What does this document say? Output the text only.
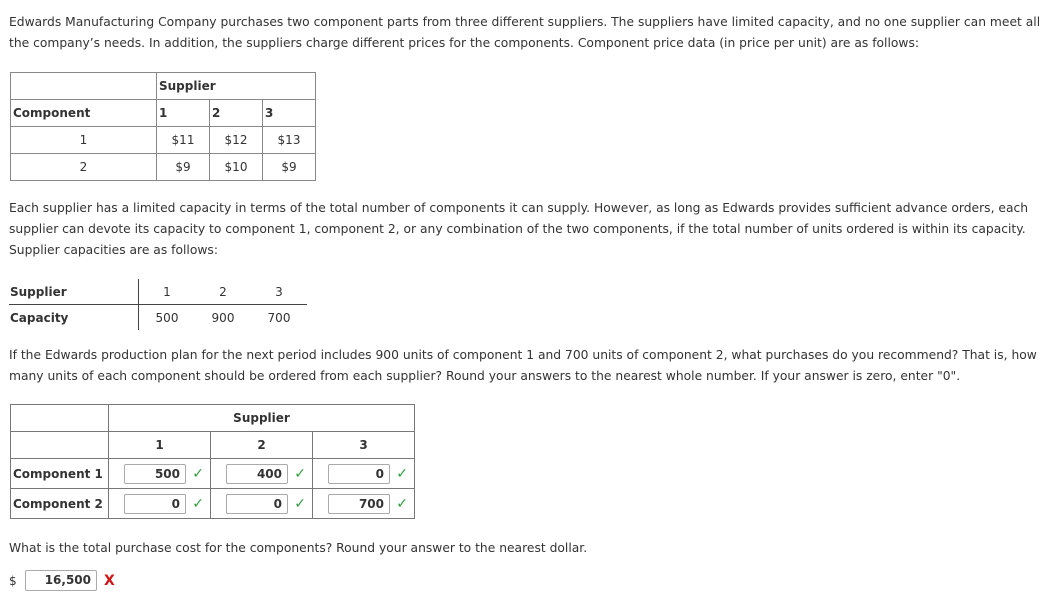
Edwards Manufacturing Company purchases two component parts from three different suppliers. The suppliers have limited capacity, and no one supplier can meet all the company’s needs. In addition, the suppliers charge different prices for the components. Component price data (in price per unit) are as follows:

	Supplier		
Component	1	2	3
1	$11	$12	$13
2	$9	$10	$9

Each supplier has a limited capacity in terms of the total number of components it can supply. However, as long as Edwards provides sufficient advance orders, each supplier can devote its capacity to component 1, component 2, or any combination of the two components, if the total number of units ordered is within its capacity. Supplier capacities are as follows:

Supplier	1	2	3
Capacity	500	900	700

If the Edwards production plan for the next period includes 900 units of component 1 and 700 units of component 2, what purchases do you recommend? That is, how many units of each component should be ordered from each supplier? Round your answers to the nearest whole number. If your answer is zero, enter "0".

	Supplier		
	1	2	3
Component 1	500 ✓	400 ✓	0 ✓

Component 2	0 ✓	0 ✓	700 ✓

What is the total purchase cost for the components? Round your answer to the nearest dollar.

$	16,500 X
